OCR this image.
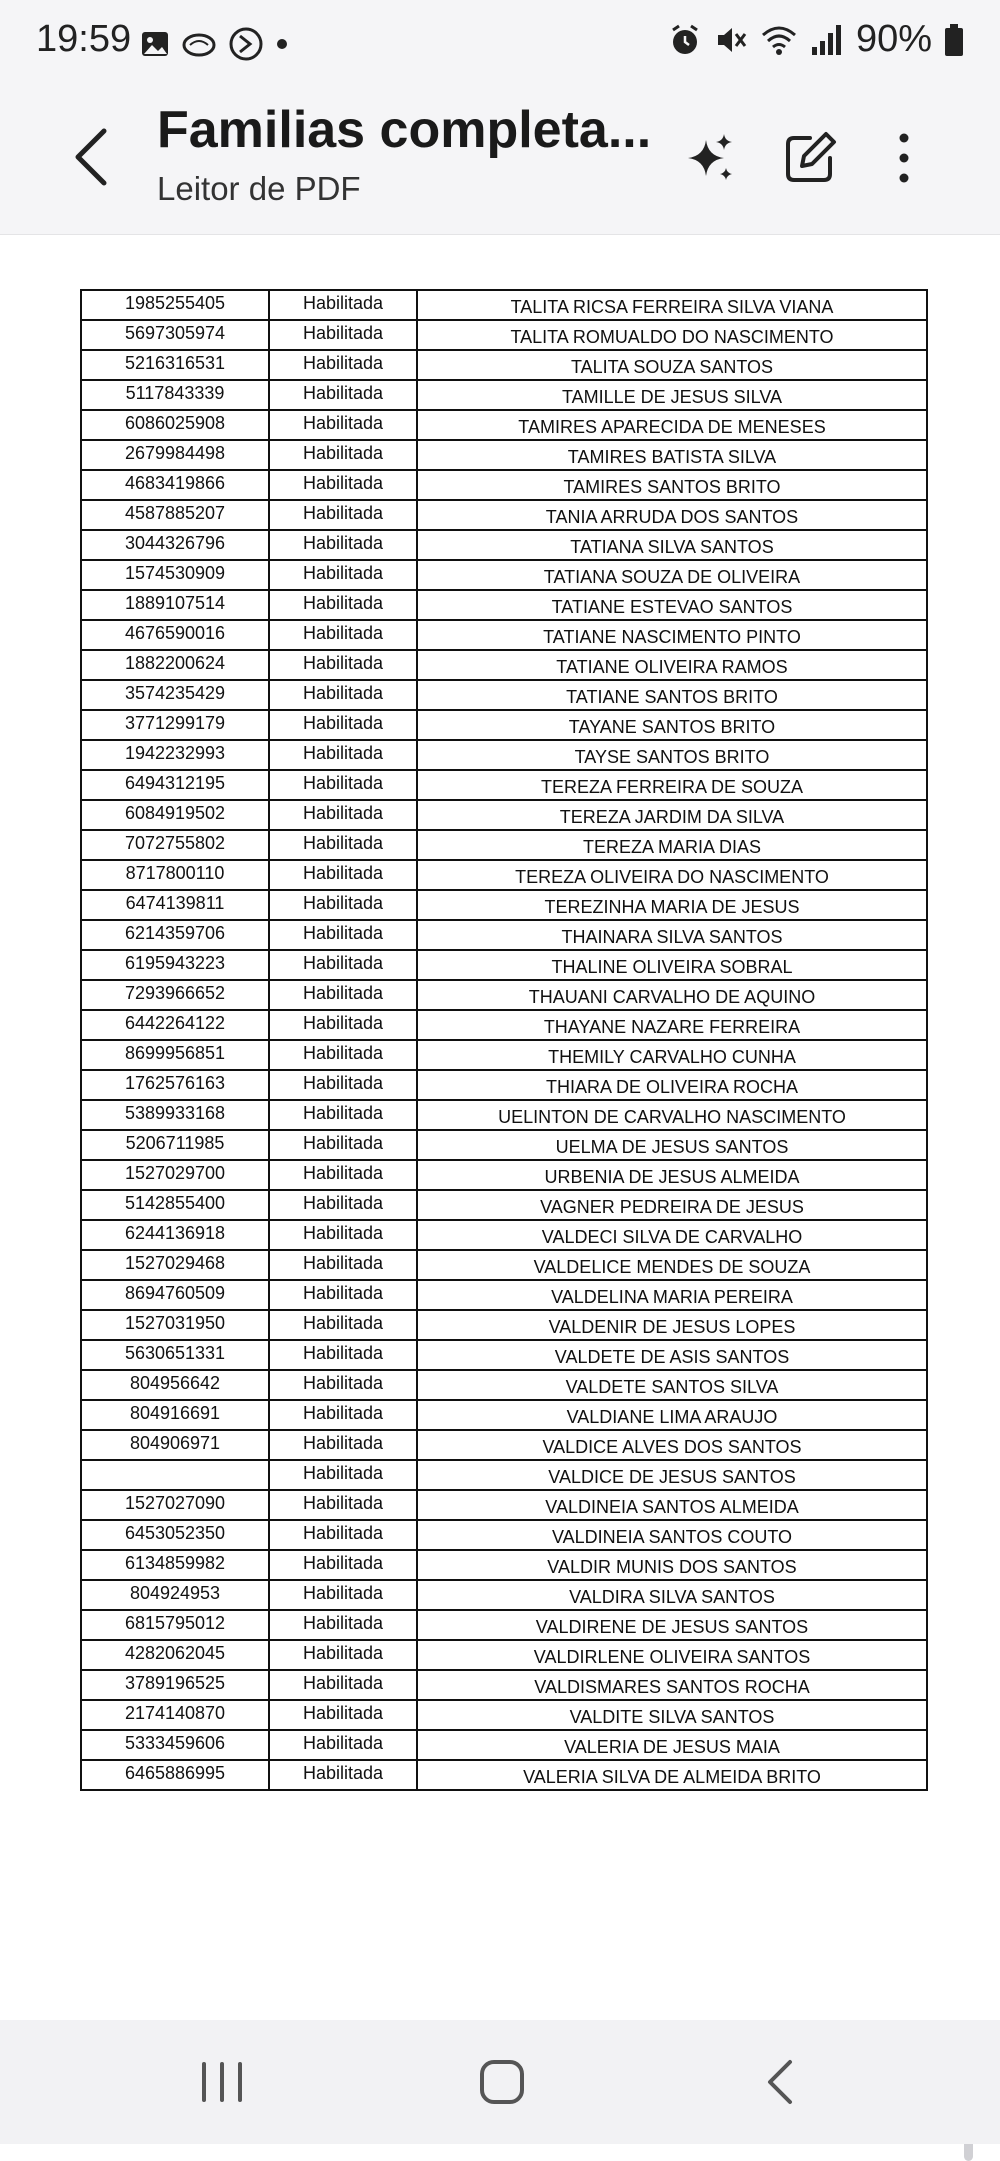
19:59	90%
Familias completa...
Leitor de PDF
1985255405	Habilitada	TALITA RICSA FERREIRA SILVA VIANA
5697305974	Habilitada	TALITA ROMUALDO DO NASCIMENTO
5216316531	Habilitada	TALITA SOUZA SANTOS
5117843339	Habilitada	TAMILLE DE JESUS SILVA
6086025908	Habilitada	TAMIRES APARECIDA DE MENESES
2679984498	Habilitada	TAMIRES BATISTA SILVA
4683419866	Habilitada	TAMIRES SANTOS BRITO
4587885207	Habilitada	TANIA ARRUDA DOS SANTOS
3044326796	Habilitada	TATIANA SILVA SANTOS
1574530909	Habilitada	TATIANA SOUZA DE OLIVEIRA
1889107514	Habilitada	TATIANE ESTEVAO SANTOS
4676590016	Habilitada	TATIANE NASCIMENTO PINTO
1882200624	Habilitada	TATIANE OLIVEIRA RAMOS
3574235429	Habilitada	TATIANE SANTOS BRITO
3771299179	Habilitada	TAYANE SANTOS BRITO
1942232993	Habilitada	TAYSE SANTOS BRITO
6494312195	Habilitada	TEREZA FERREIRA DE SOUZA
6084919502	Habilitada	TEREZA JARDIM DA SILVA
7072755802	Habilitada	TEREZA MARIA DIAS
8717800110	Habilitada	TEREZA OLIVEIRA DO NASCIMENTO
6474139811	Habilitada	TEREZINHA MARIA DE JESUS
6214359706	Habilitada	THAINARA SILVA SANTOS
6195943223	Habilitada	THALINE OLIVEIRA SOBRAL
7293966652	Habilitada	THAUANI CARVALHO DE AQUINO
6442264122	Habilitada	THAYANE NAZARE FERREIRA
8699956851	Habilitada	THEMILY CARVALHO CUNHA
1762576163	Habilitada	THIARA DE OLIVEIRA ROCHA
5389933168	Habilitada	UELINTON DE CARVALHO NASCIMENTO
5206711985	Habilitada	UELMA DE JESUS SANTOS
1527029700	Habilitada	URBENIA DE JESUS ALMEIDA
5142855400	Habilitada	VAGNER PEDREIRA DE JESUS
6244136918	Habilitada	VALDECI SILVA DE CARVALHO
1527029468	Habilitada	VALDELICE MENDES DE SOUZA
8694760509	Habilitada	VALDELINA MARIA PEREIRA
1527031950	Habilitada	VALDENIR DE JESUS LOPES
5630651331	Habilitada	VALDETE DE ASIS SANTOS
804956642	Habilitada	VALDETE SANTOS SILVA
804916691	Habilitada	VALDIANE LIMA ARAUJO
804906971	Habilitada	VALDICE ALVES DOS SANTOS
	Habilitada	VALDICE DE JESUS SANTOS
1527027090	Habilitada	VALDINEIA SANTOS ALMEIDA
6453052350	Habilitada	VALDINEIA SANTOS COUTO
6134859982	Habilitada	VALDIR MUNIS DOS SANTOS
804924953	Habilitada	VALDIRA SILVA SANTOS
6815795012	Habilitada	VALDIRENE DE JESUS SANTOS
4282062045	Habilitada	VALDIRLENE OLIVEIRA SANTOS
3789196525	Habilitada	VALDISMARES SANTOS ROCHA
2174140870	Habilitada	VALDITE SILVA SANTOS
5333459606	Habilitada	VALERIA DE JESUS MAIA
6465886995	Habilitada	VALERIA SILVA DE ALMEIDA BRITO
